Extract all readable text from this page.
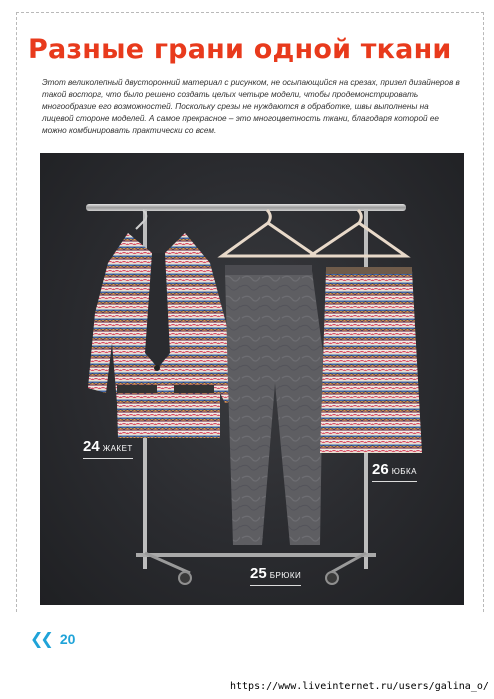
Разные грани одной ткани

Этот великолепный двусторонний материал с рисунком, не осыпающийся на срезах, призел дизайнеров в такой восторг, что было решено создать целых четыре модели, чтобы продемонстрировать многообразие его возможностей. Поскольку срезы не нуждаются в обработке, швы выполнены на лицевой стороне моделей. А самое прекрасное – это многоцветность ткани, благодаря которой ее можно комбинировать практически со всем.

24 ЖАКЕТ
25 БРЮКИ
26 ЮБКА
❮❮ 20
https://www.liveinternet.ru/users/galina_o/
